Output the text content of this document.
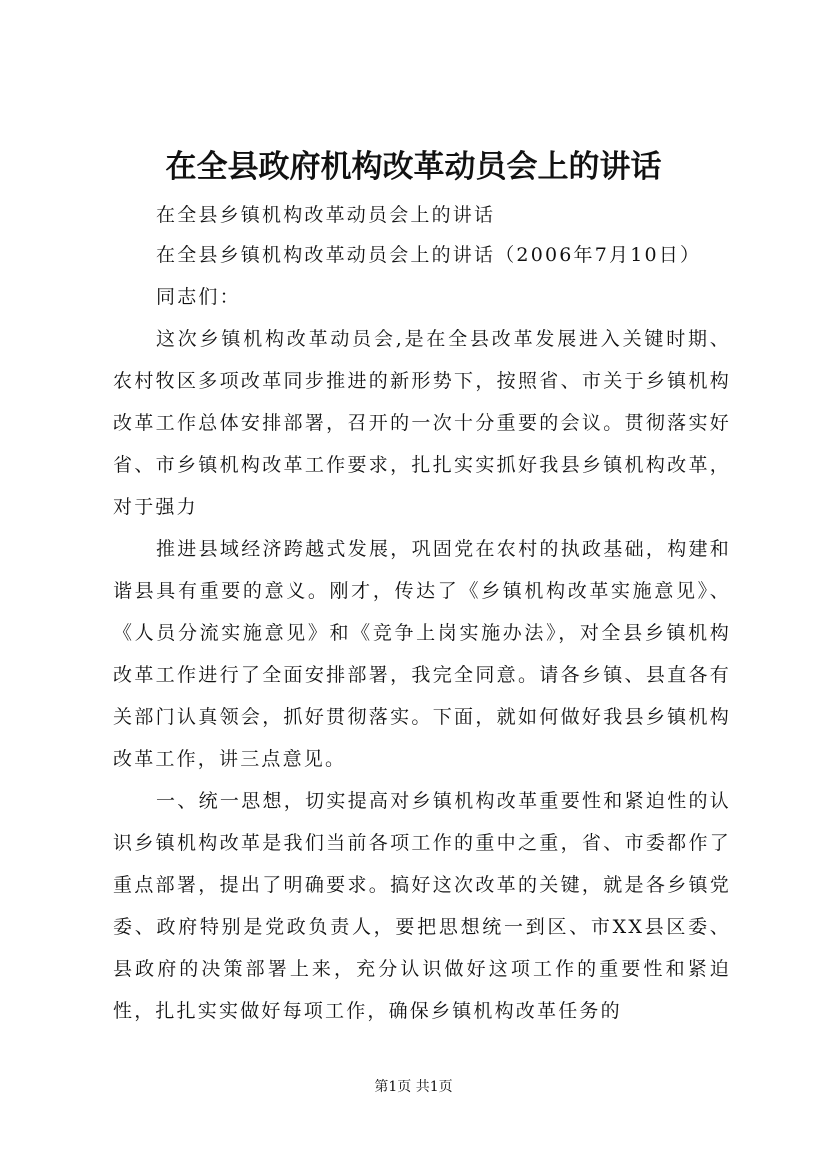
在全县政府机构改革动员会上的讲话

在全县乡镇机构改革动员会上的讲话

在全县乡镇机构改革动员会上的讲话（2006年7月10日）

同志们：

这次乡镇机构改革动员会,是在全县改革发展进入关键时期、农村牧区多项改革同步推进的新形势下，按照省、市关于乡镇机构改革工作总体安排部署，召开的一次十分重要的会议。贯彻落实好省、市乡镇机构改革工作要求，扎扎实实抓好我县乡镇机构改革，对于强力

推进县域经济跨越式发展，巩固党在农村的执政基础，构建和谐县具有重要的意义。刚才，传达了《乡镇机构改革实施意见》、《人员分流实施意见》和《竞争上岗实施办法》，对全县乡镇机构改革工作进行了全面安排部署，我完全同意。请各乡镇、县直各有关部门认真领会，抓好贯彻落实。下面，就如何做好我县乡镇机构改革工作，讲三点意见。

一、统一思想，切实提高对乡镇机构改革重要性和紧迫性的认识乡镇机构改革是我们当前各项工作的重中之重，省、市委都作了重点部署，提出了明确要求。搞好这次改革的关键，就是各乡镇党委、政府特别是党政负责人，要把思想统一到区、市XX县区委、县政府的决策部署上来，充分认识做好这项工作的重要性和紧迫性，扎扎实实做好每项工作，确保乡镇机构改革任务的

第1页 共1页
